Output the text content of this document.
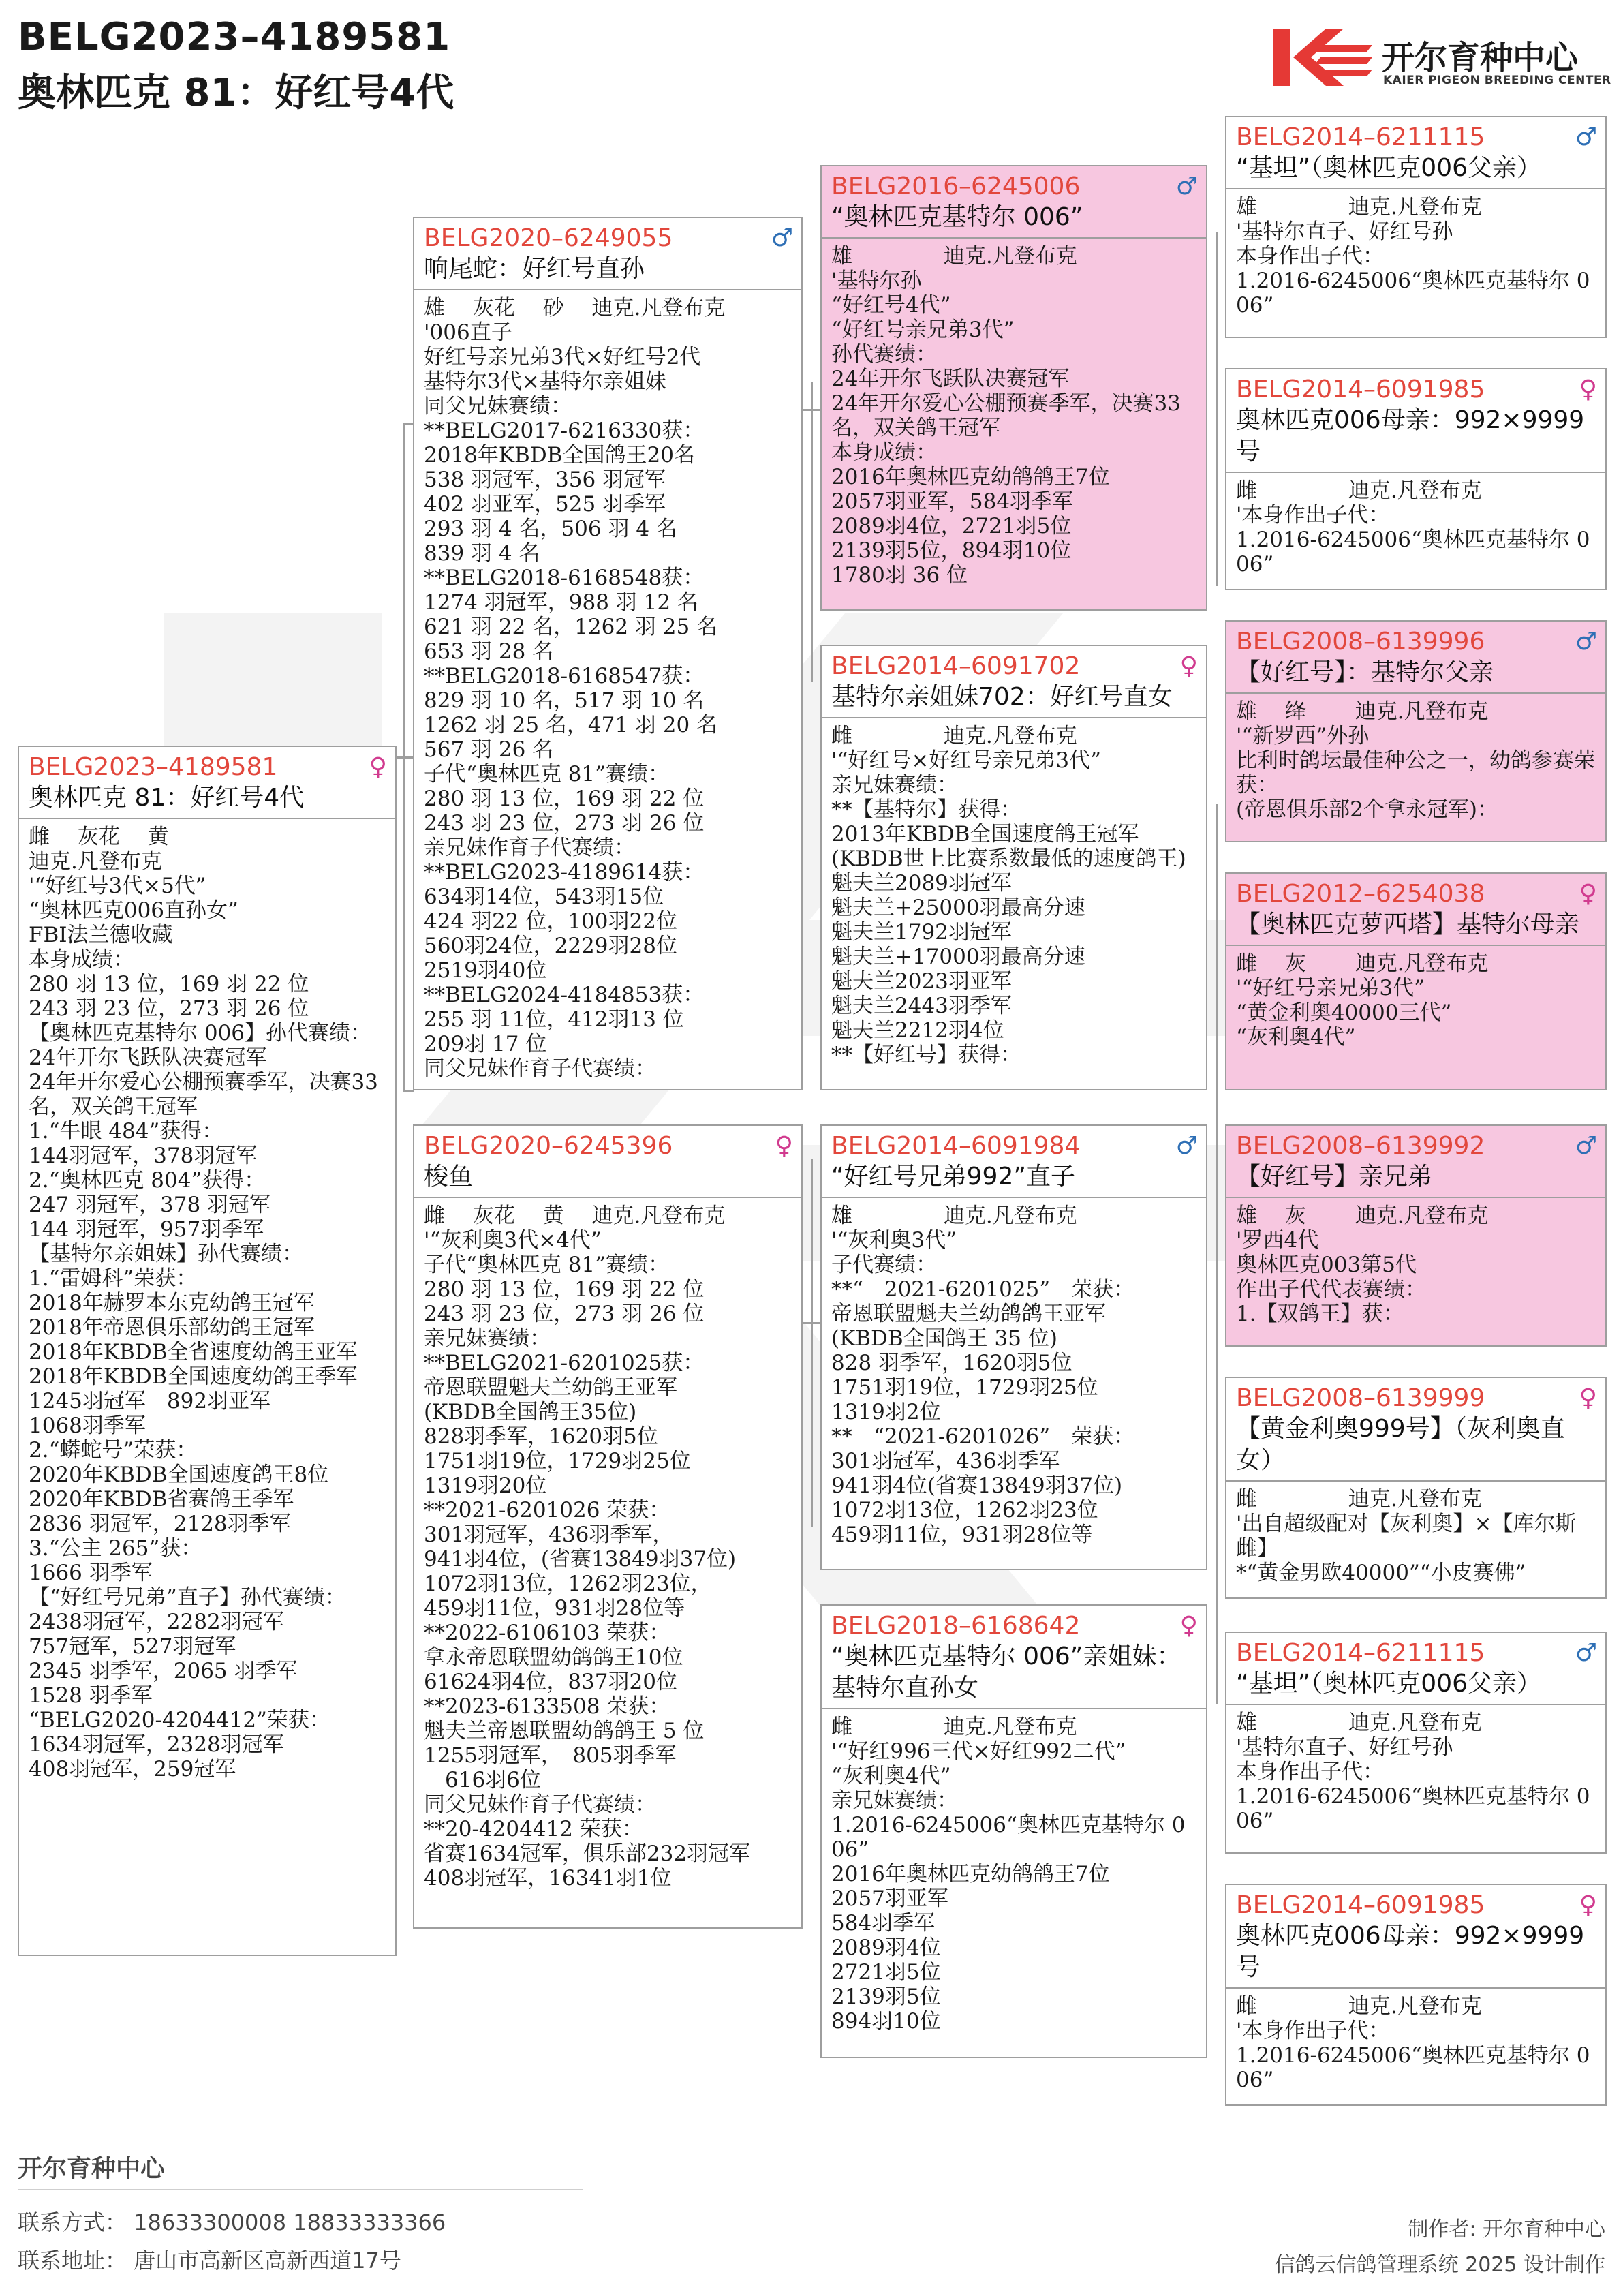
BELG2023–4189581
奥林匹克 81：好红号4代
开尔育种中心
KAIER PIGEON BREEDING CENTER
BELG2023–4189581
奥林匹克 81：好红号4代
♀
雌　 灰花　 黄
迪克.凡登布克
'“好红号3代×5代”
“奥林匹克006直孙女”
FBI法兰德收藏
本身成绩：
280 羽 13 位，169 羽 22 位
243 羽 23 位，273 羽 26 位
【奥林匹克基特尔 006】孙代赛绩：
24年开尔飞跃队决赛冠军
24年开尔爱心公棚预赛季军，决赛33名，双关鸽王冠军
1.“牛眼 484”获得：
144羽冠军，378羽冠军
2.“奥林匹克 804”获得：
247 羽冠军，378 羽冠军
144 羽冠军，957羽季军
【基特尔亲姐妹】孙代赛绩：
1.“雷姆科”荣获：
2018年赫罗本东克幼鸽王冠军
2018年帝恩俱乐部幼鸽王冠军
2018年KBDB全省速度幼鸽王亚军
2018年KBDB全国速度幼鸽王季军
1245羽冠军　892羽亚军
1068羽季军
2.“蟒蛇号”荣获：
2020年KBDB全国速度鸽王8位
2020年KBDB省赛鸽王季军
2836 羽冠军，2128羽季军
3.“公主 265”获：
1666 羽季军
【“好红号兄弟”直子】孙代赛绩：
2438羽冠军，2282羽冠军
757冠军，527羽冠军
2345 羽季军，2065 羽季军
1528 羽季军
“BELG2020-4204412”荣获：
1634羽冠军，2328羽冠军
408羽冠军，259冠军
BELG2020–6249055
响尾蛇：好红号直孙
♂
雄　 灰花　 砂　 迪克.凡登布克
'006直子
好红号亲兄弟3代×好红号2代
基特尔3代×基特尔亲姐妹
同父兄妹赛绩：
**BELG2017-6216330获：
2018年KBDB全国鸽王20名
538 羽冠军，356 羽冠军
402 羽亚军，525 羽季军
293 羽 4 名，506 羽 4 名
839 羽 4 名
**BELG2018-6168548获：
1274 羽冠军，988 羽 12 名
621 羽 22 名，1262 羽 25 名
653 羽 28 名
**BELG2018-6168547获：
829 羽 10 名，517 羽 10 名
1262 羽 25 名，471 羽 20 名
567 羽 26 名
子代“奥林匹克 81”赛绩：
280 羽 13 位，169 羽 22 位
243 羽 23 位，273 羽 26 位
亲兄妹作育子代赛绩：
**BELG2023-4189614获：
634羽14位，543羽15位
424 羽22 位，100羽22位
560羽24位，2229羽28位
2519羽40位
**BELG2024-4184853获：
255 羽 11位，412羽13 位
209羽 17 位
同父兄妹作育子代赛绩：
BELG2020–6245396
梭鱼
♀
雌　 灰花　 黄　 迪克.凡登布克
'“灰利奥3代×4代”
子代“奥林匹克 81”赛绩：
280 羽 13 位，169 羽 22 位
243 羽 23 位，273 羽 26 位
亲兄妹赛绩：
**BELG2021-6201025获：
帝恩联盟魁夫兰幼鸽王亚军
(KBDB全国鸽王35位)
828羽季军，1620羽5位
1751羽19位，1729羽25位
1319羽20位
**2021-6201026 荣获：
301羽冠军，436羽季军，
941羽4位，(省赛13849羽37位)
1072羽13位，1262羽23位，
459羽11位，931羽28位等
**2022-6106103 荣获：
拿永帝恩联盟幼鸽鸽王10位
61624羽4位，837羽20位
**2023-6133508 荣获：
魁夫兰帝恩联盟幼鸽鸽王 5 位
1255羽冠军，　805羽季军
　616羽6位
同父兄妹作育子代赛绩：
**20-4204412 荣获：
省赛1634冠军，俱乐部232羽冠军
408羽冠军，16341羽1位
BELG2016–6245006
“奥林匹克基特尔 006”
♂
雄　　　　 迪克.凡登布克
'基特尔孙
“好红号4代”
“好红号亲兄弟3代”
孙代赛绩：
24年开尔飞跃队决赛冠军
24年开尔爱心公棚预赛季军，决赛33名，双关鸽王冠军
本身成绩：
2016年奥林匹克幼鸽鸽王7位
2057羽亚军，584羽季军
2089羽4位，2721羽5位
2139羽5位，894羽10位
1780羽 36 位
BELG2014–6091702
基特尔亲姐妹702：好红号直女
♀
雌　　　　 迪克.凡登布克
'“好红号×好红号亲兄弟3代”
亲兄妹赛绩：
**【基特尔】获得：
2013年KBDB全国速度鸽王冠军
(KBDB世上比赛系数最低的速度鸽王)
魁夫兰2089羽冠军
魁夫兰+25000羽最高分速
魁夫兰1792羽冠军
魁夫兰+17000羽最高分速
魁夫兰2023羽亚军
魁夫兰2443羽季军
魁夫兰2212羽4位
**【好红号】获得：
BELG2014–6091984
“好红号兄弟992”直子
♂
雄　　　　 迪克.凡登布克
'“灰利奥3代”
子代赛绩：
**“　2021-6201025”　荣获：
帝恩联盟魁夫兰幼鸽鸽王亚军
(KBDB全国鸽王 35 位)
828 羽季军，1620羽5位
1751羽19位，1729羽25位
1319羽2位
**　“2021-6201026”　荣获：
301羽冠军，436羽季军
941羽4位(省赛13849羽37位)
1072羽13位，1262羽23位
459羽11位，931羽28位等
BELG2018–6168642
“奥林匹克基特尔 006”亲姐妹：基特尔直孙女
♀
雌　　　　 迪克.凡登布克
'“好红996三代×好红992二代”
“灰利奥4代”
亲兄妹赛绩：
1.2016-6245006“奥林匹克基特尔 006”
2016年奥林匹克幼鸽鸽王7位
2057羽亚军
584羽季军
2089羽4位
2721羽5位
2139羽5位
894羽10位
BELG2014–6211115
“基坦”（奥林匹克006父亲）
♂
雄　　　　 迪克.凡登布克
'基特尔直子、好红号孙
本身作出子代：
1.2016-6245006“奥林匹克基特尔 006”
BELG2014–6091985
奥林匹克006母亲：992×9999号
♀
雌　　　　 迪克.凡登布克
'本身作出子代：
1.2016-6245006“奥林匹克基特尔 006”
BELG2008–6139996
【好红号】：基特尔父亲
♂
雄　 绛　　 迪克.凡登布克
'“新罗西”外孙
比利时鸽坛最佳种公之一，幼鸽参赛荣获：
(帝恩俱乐部2个拿永冠军)：
BELG2012–6254038
【奥林匹克萝西塔】基特尔母亲
♀
雌　 灰　　 迪克.凡登布克
'“好红号亲兄弟3代”
“黄金利奥40000三代”
“灰利奥4代”
BELG2008–6139992
【好红号】亲兄弟
♂
雄　 灰　　 迪克.凡登布克
'罗西4代
奥林匹克003第5代
作出子代代表赛绩：
1.【双鸽王】获：
BELG2008–6139999
【黄金利奥999号】（灰利奥直女）
♀
雌　　　　 迪克.凡登布克
'出自超级配对【灰利奥】×【库尔斯雌】
*“黄金男欧40000”“小皮赛佛”
BELG2014–6211115
“基坦”（奥林匹克006父亲）
♂
雄　　　　 迪克.凡登布克
'基特尔直子、好红号孙
本身作出子代：
1.2016-6245006“奥林匹克基特尔 006”
BELG2014–6091985
奥林匹克006母亲：992×9999号
♀
雌　　　　 迪克.凡登布克
'本身作出子代：
1.2016-6245006“奥林匹克基特尔 006”
开尔育种中心
联系方式： 18633300008 18833333366
联系地址： 唐山市高新区高新西道17号
制作者: 开尔育种中心
信鸽云信鸽管理系统 2025 设计制作
